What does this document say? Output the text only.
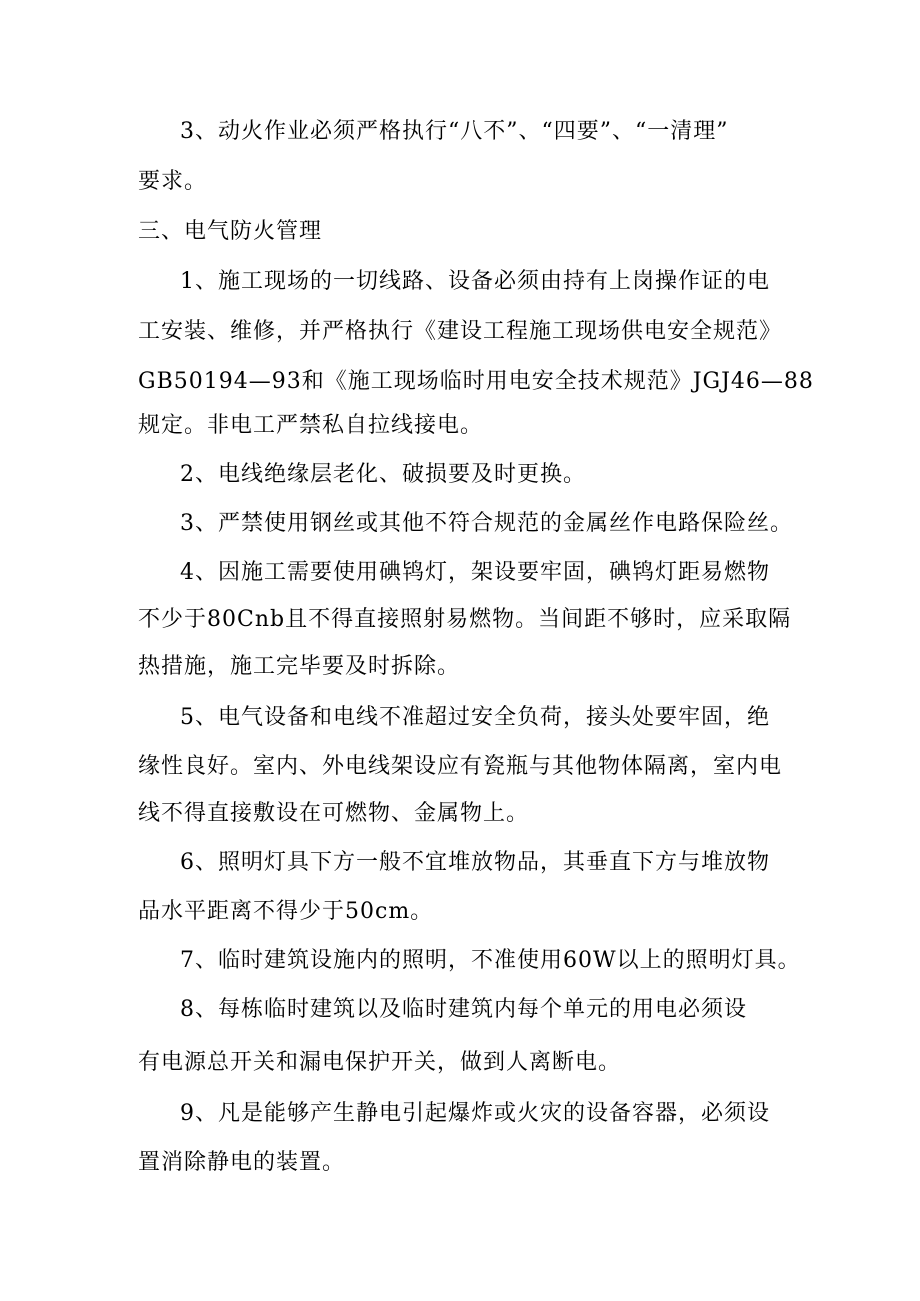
3、动火作业必须严格执行“八不”、“四要”、“一清理”
要求。
三、电气防火管理
1、施工现场的一切线路、设备必须由持有上岗操作证的电
工安装、维修，并严格执行《建设工程施工现场供电安全规范》
GB50194—93和《施工现场临时用电安全技术规范》JGJ46—88
规定。非电工严禁私自拉线接电。
2、电线绝缘层老化、破损要及时更换。
3、严禁使用钢丝或其他不符合规范的金属丝作电路保险丝。
4、因施工需要使用碘鸨灯，架设要牢固，碘鸨灯距易燃物
不少于80Cnb且不得直接照射易燃物。当间距不够时，应采取隔
热措施，施工完毕要及时拆除。
5、电气设备和电线不准超过安全负荷，接头处要牢固，绝
缘性良好。室内、外电线架设应有瓷瓶与其他物体隔离，室内电
线不得直接敷设在可燃物、金属物上。
6、照明灯具下方一般不宜堆放物品，其垂直下方与堆放物
品水平距离不得少于50cm。
7、临时建筑设施内的照明，不准使用60W以上的照明灯具。
8、每栋临时建筑以及临时建筑内每个单元的用电必须设
有电源总开关和漏电保护开关，做到人离断电。
9、凡是能够产生静电引起爆炸或火灾的设备容器，必须设
置消除静电的装置。
